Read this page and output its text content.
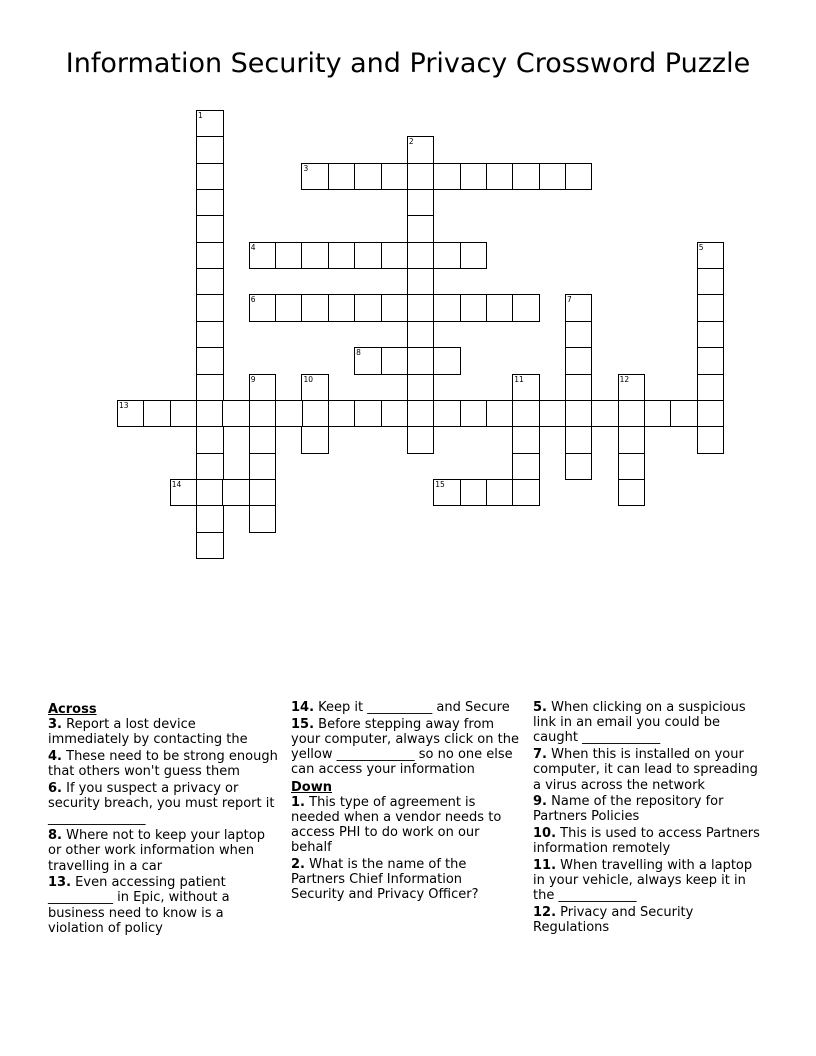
Information Security and Privacy Crossword Puzzle
1
2
3
4	5
6	7
8
9	10	11	12
13
14	15
Across
3. Report a lost device immediately by contacting the
4. These need to be strong enough that others won't guess them
6. If you suspect a privacy or security breach, you must report it _______________
8. Where not to keep your laptop or other work information when travelling in a car
13. Even accessing patient __________ in Epic, without a business need to know is a violation of policy
14. Keep it __________ and Secure
15. Before stepping away from your computer, always click on the yellow ____________ so no one else can access your information
Down
1. This type of agreement is needed when a vendor needs to access PHI to do work on our behalf
2. What is the name of the Partners Chief Information Security and Privacy Officer?
5. When clicking on a suspicious link in an email you could be caught ____________
7. When this is installed on your computer, it can lead to spreading a virus across the network
9. Name of the repository for Partners Policies
10. This is used to access Partners information remotely
11. When travelling with a laptop in your vehicle, always keep it in the ____________
12. Privacy and Security Regulations
